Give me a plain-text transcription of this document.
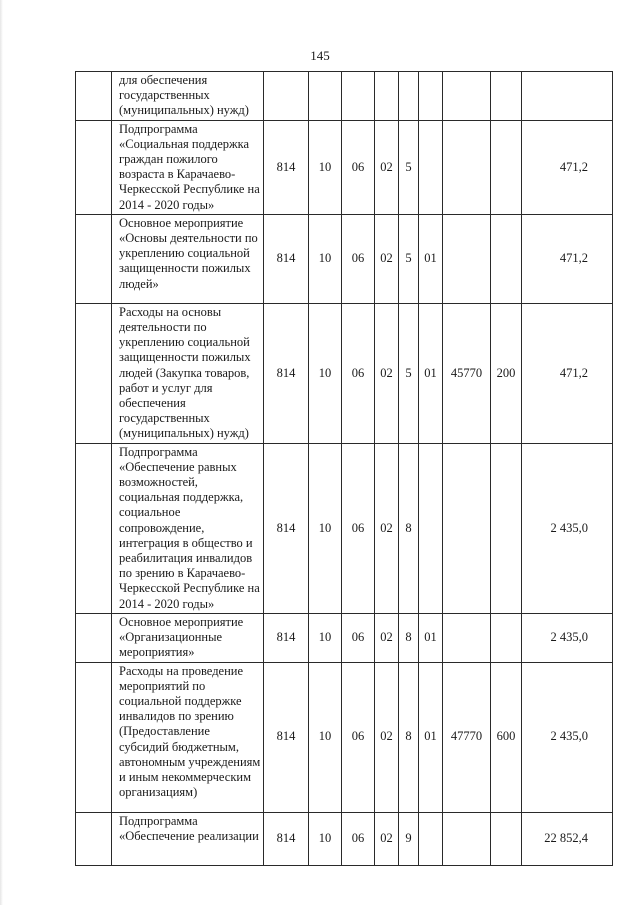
145
	для обеспечения государственных (муниципальных) нужд)									
	Подпрограмма «Социальная поддержка граждан пожилого возраста в Карачаево-Черкесской Республике на 2014 - 2020 годы»	814	10	06	02	5				471,2
	Основное мероприятие «Основы деятельности по укреплению социальной защищенности пожилых людей»	814	10	06	02	5	01			471,2
	Расходы на основы деятельности по укреплению социальной защищенности пожилых людей (Закупка товаров, работ и услуг для обеспечения государственных (муниципальных) нужд)	814	10	06	02	5	01	45770	200	471,2
	Подпрограмма «Обеспечение равных возможностей, социальная поддержка, социальное сопровождение, интеграция в общество и реабилитация инвалидов по зрению в Карачаево-Черкесской Республике на 2014 - 2020 годы»	814	10	06	02	8				2 435,0
	Основное мероприятие «Организационные мероприятия»	814	10	06	02	8	01			2 435,0
	Расходы на проведение мероприятий по социальной поддержке инвалидов по зрению (Предоставление субсидий бюджетным, автономным учреждениям и иным некоммерческим организациям)	814	10	06	02	8	01	47770	600	2 435,0
	Подпрограмма «Обеспечение реализации	814	10	06	02	9				22 852,4
